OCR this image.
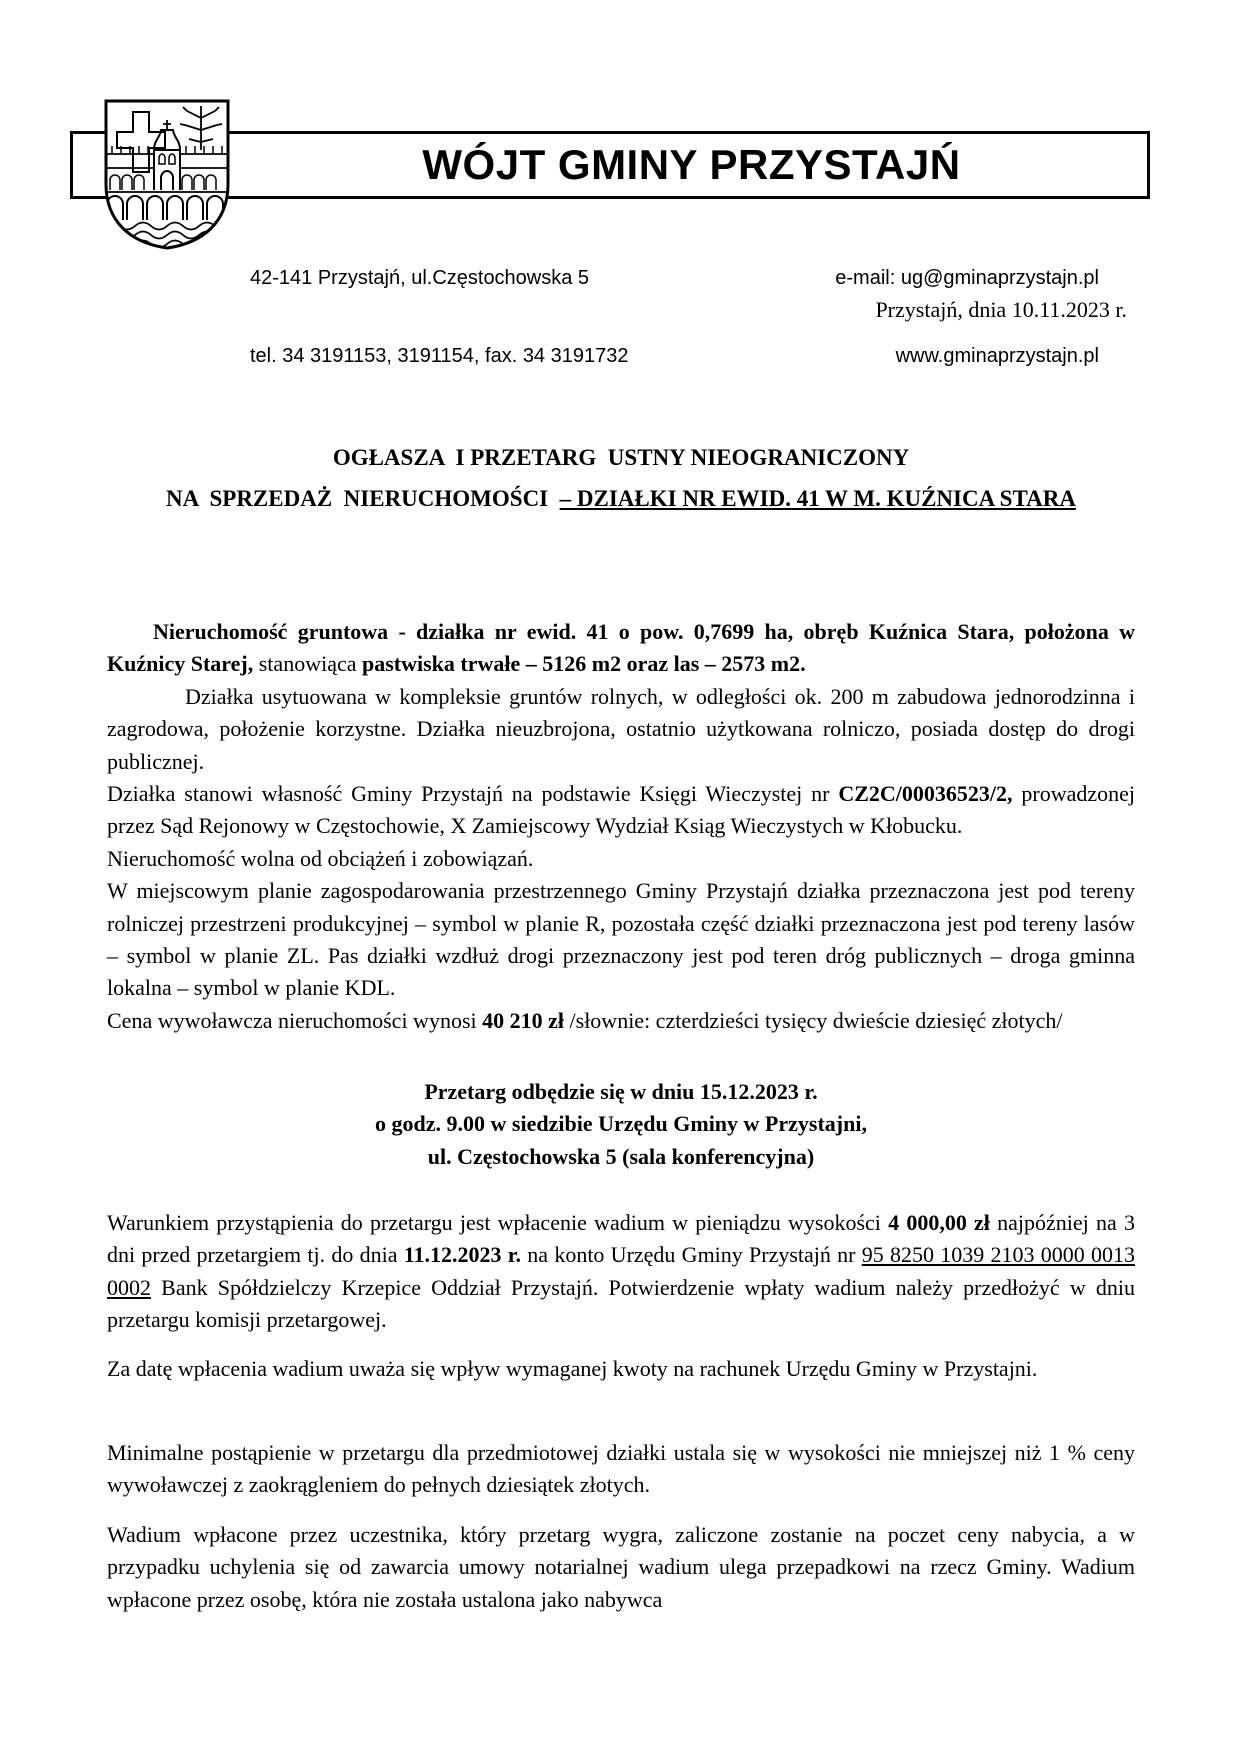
WÓJT GMINY PRZYSTAJŃ

42-141 Przystajń, ul.Częstochowska 5

tel. 34 3191153, 3191154, fax. 34 3191732

e-mail: ug@gminaprzystajn.pl

www.gminaprzystajn.pl

Przystajń, dnia 10.11.2023 r.
OGŁASZA  I PRZETARG  USTNY NIEOGRANICZONY
NA  SPRZEDAŻ  NIERUCHOMOŚCI  – DZIAŁKI NR EWID. 41 W M. KUŹNICA STARA

Nieruchomość gruntowa - działka nr ewid. 41 o pow. 0,7699 ha, obręb Kuźnica Stara, położona w Kuźnicy Starej, stanowiąca pastwiska trwałe – 5126 m2 oraz las – 2573 m2.

Działka usytuowana w kompleksie gruntów rolnych, w odległości ok. 200 m zabudowa jednorodzinna i zagrodowa, położenie korzystne. Działka nieuzbrojona, ostatnio użytkowana rolniczo, posiada dostęp do drogi publicznej.

Działka stanowi własność Gminy Przystajń na podstawie Księgi Wieczystej nr CZ2C/00036523/2, prowadzonej przez Sąd Rejonowy w Częstochowie, X Zamiejscowy Wydział Ksiąg Wieczystych w Kłobucku.

Nieruchomość wolna od obciążeń i zobowiązań.

W miejscowym planie zagospodarowania przestrzennego Gminy Przystajń działka przeznaczona jest pod tereny rolniczej przestrzeni produkcyjnej – symbol w planie R, pozostała część działki przeznaczona jest pod tereny lasów – symbol w planie ZL. Pas działki wzdłuż drogi przeznaczony jest pod teren dróg publicznych – droga gminna lokalna – symbol w planie KDL.

Cena wywoławcza nieruchomości wynosi 40 210 zł /słownie: czterdzieści tysięcy dwieście dziesięć złotych/

Przetarg odbędzie się w dniu 15.12.2023 r.
o godz. 9.00 w siedzibie Urzędu Gminy w Przystajni,
ul. Częstochowska 5 (sala konferencyjna)

Warunkiem przystąpienia do przetargu jest wpłacenie wadium w pieniądzu wysokości 4 000,00 zł najpóźniej na 3 dni przed przetargiem tj. do dnia 11.12.2023 r. na konto Urzędu Gminy Przystajń nr 95 8250 1039 2103 0000 0013 0002 Bank Spółdzielczy Krzepice Oddział Przystajń. Potwierdzenie wpłaty wadium należy przedłożyć w dniu przetargu komisji przetargowej.

Za datę wpłacenia wadium uważa się wpływ wymaganej kwoty na rachunek Urzędu Gminy w Przystajni.

Minimalne postąpienie w przetargu dla przedmiotowej działki ustala się w wysokości nie mniejszej niż 1 % ceny wywoławczej z zaokrągleniem do pełnych dziesiątek złotych.

Wadium wpłacone przez uczestnika, który przetarg wygra, zaliczone zostanie na poczet ceny nabycia, a w przypadku uchylenia się od zawarcia umowy notarialnej wadium ulega przepadkowi na rzecz Gminy. Wadium wpłacone przez osobę, która nie została ustalona jako nabywca
